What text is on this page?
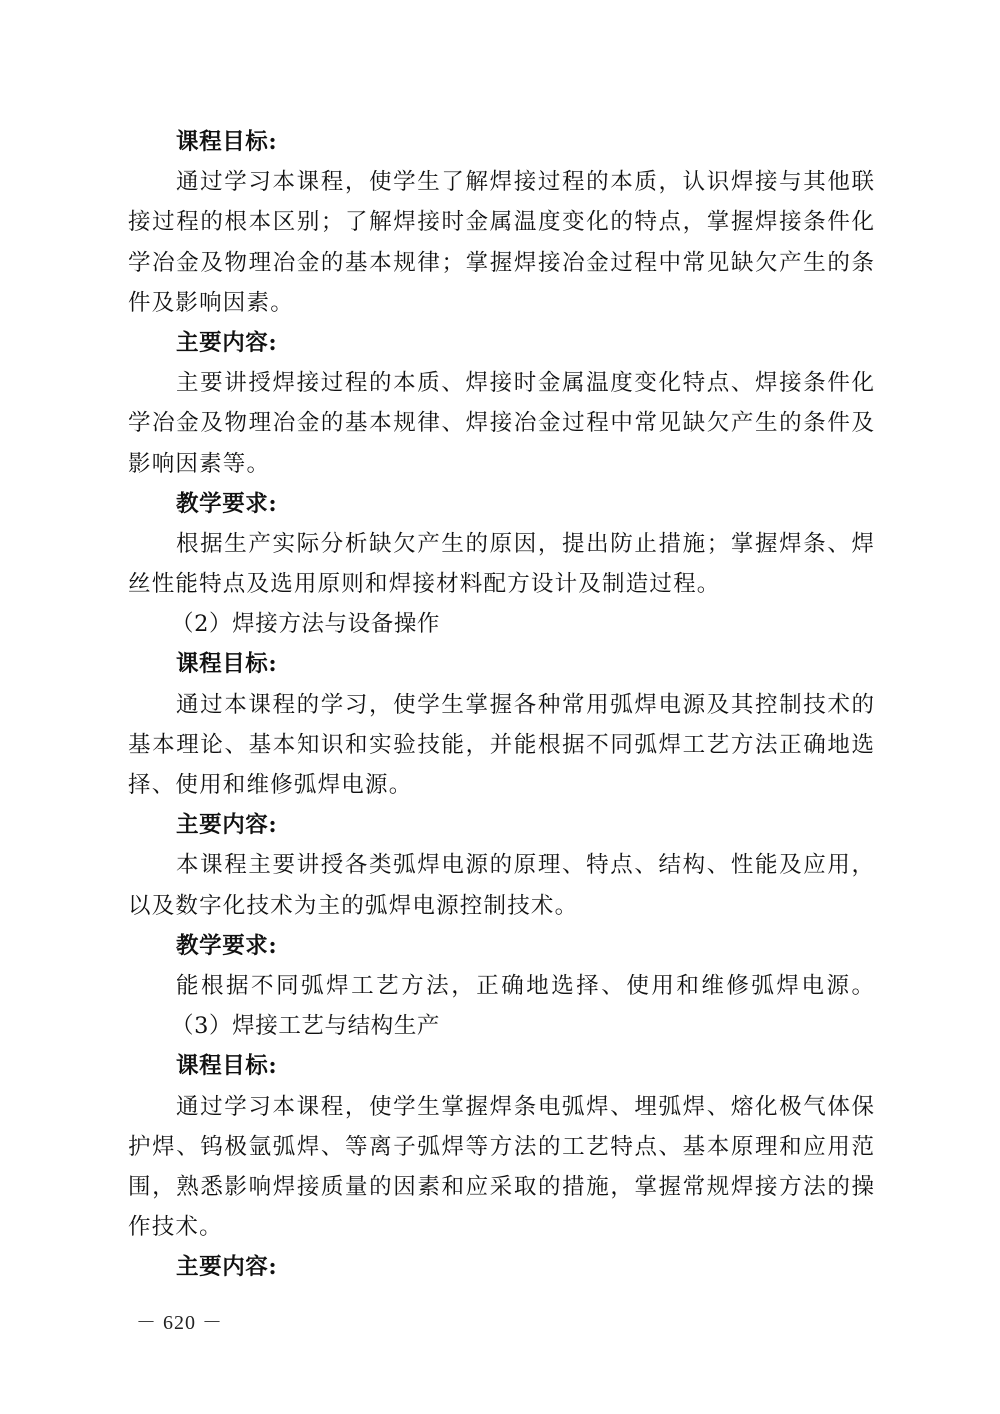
课程目标:
通过学习本课程，使学生了解焊接过程的本质，认识焊接与其他联
接过程的根本区别；了解焊接时金属温度变化的特点，掌握焊接条件化
学冶金及物理冶金的基本规律；掌握焊接冶金过程中常见缺欠产生的条
件及影响因素。
主要内容:
主要讲授焊接过程的本质、焊接时金属温度变化特点、焊接条件化
学冶金及物理冶金的基本规律、焊接冶金过程中常见缺欠产生的条件及
影响因素等。
教学要求:
根据生产实际分析缺欠产生的原因，提出防止措施；掌握焊条、焊
丝性能特点及选用原则和焊接材料配方设计及制造过程。
（2）焊接方法与设备操作
课程目标:
通过本课程的学习，使学生掌握各种常用弧焊电源及其控制技术的
基本理论、基本知识和实验技能，并能根据不同弧焊工艺方法正确地选
择、使用和维修弧焊电源。
主要内容:
本课程主要讲授各类弧焊电源的原理、特点、结构、性能及应用，
以及数字化技术为主的弧焊电源控制技术。
教学要求:
能根据不同弧焊工艺方法，正确地选择、使用和维修弧焊电源。
（3）焊接工艺与结构生产
课程目标:
通过学习本课程，使学生掌握焊条电弧焊、埋弧焊、熔化极气体保
护焊、钨极氩弧焊、等离子弧焊等方法的工艺特点、基本原理和应用范
围，熟悉影响焊接质量的因素和应采取的措施，掌握常规焊接方法的操
作技术。
主要内容:
－ 620 －
